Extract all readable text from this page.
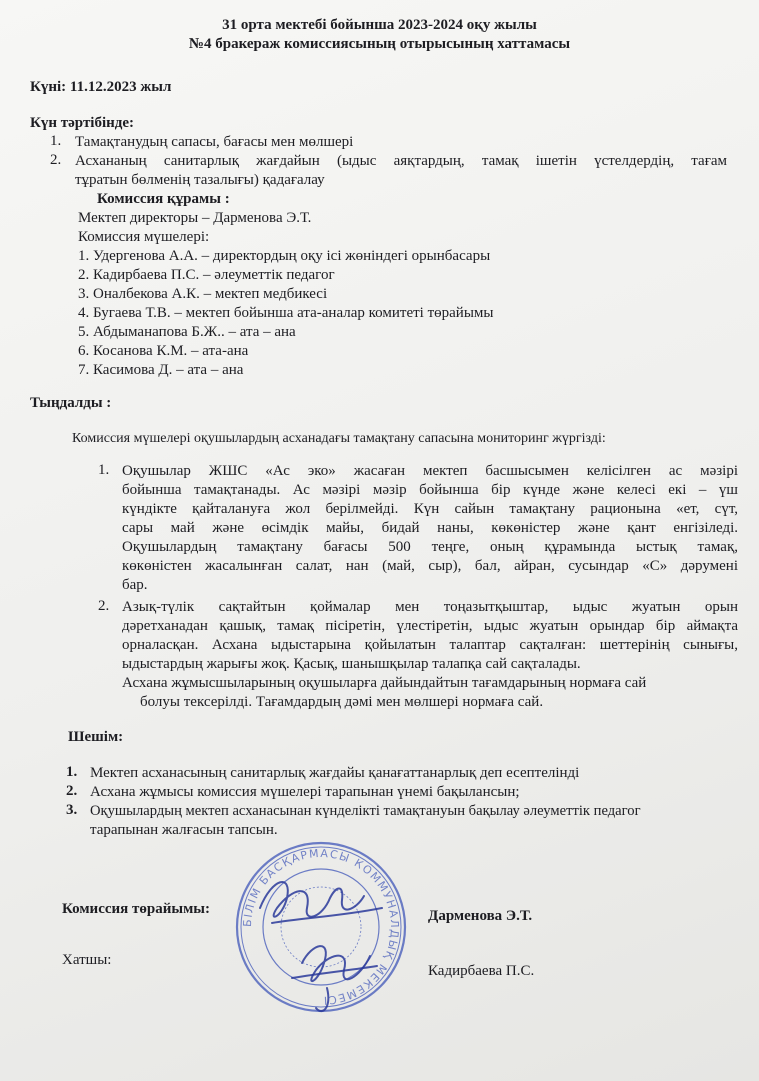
31 орта мектебі бойынша 2023-2024 оқу жылы
№4 бракераж комиссиясының отырысының хаттамасы
Күні: 11.12.2023 жыл
Күн тәртібінде:
1. Тамақтанудың сапасы, бағасы мен мөлшері
2. Асхананың санитарлық жағдайын (ыдыс аяқтардың, тамақ ішетін үстелдердің, тағам
тұратын бөлменің тазалығы) қадағалау
Комиссия құрамы :
Мектеп директоры – Дарменова Э.Т.
Комиссия мүшелері:
1. Удергенова А.А. – директордың оқу ісі жөніндегі орынбасары
2. Кадирбаева П.С. – әлеуметтік педагог
3. Оналбекова А.К. – мектеп медбикесі
4. Бугаева Т.В. – мектеп бойынша ата-аналар комитеті төрайымы
5. Абдыманапова Б.Ж.. – ата – ана
6. Косанова К.М. – ата-ана
7. Касимова Д. – ата – ана
Тыңдалды :
Комиссия мүшелері оқушылардың асханадағы тамақтану сапасына мониторинг жүргізді:
1. Оқушылар ЖШС «Ас эко» жасаған мектеп басшысымен келісілген ас мәзірі
бойынша тамақтанады. Ас мәзірі мәзір бойынша бір күнде және келесі екі – үш
күндікте қайталануға жол берілмейді. Күн сайын тамақтану рационына «ет, сүт,
сары май және өсімдік майы, бидай наны, көкөністер және қант енгізіледі.
Оқушылардың тамақтану бағасы 500 теңге, оның құрамында ыстық тамақ,
көкөністен жасалынған салат, нан (май, сыр), бал, айран, сусындар «С» дәрумені
бар.
2. Азық-түлік сақтайтын қоймалар мен тоңазытқыштар, ыдыс жуатын орын
дәретханадан қашық, тамақ пісіретін, үлестіретін, ыдыс жуатын орындар бір аймақта
орналасқан. Асхана ыдыстарына қойылатын талаптар сақталған: шеттерінің сынығы,
ыдыстардың жарығы жоқ. Қасық, шанышқылар талапқа сай сақталады.
Асхана жұмысшыларының оқушыларға дайындайтын тағамдарының нормаға сай
болуы тексерілді. Тағамдардың дәмі мен мөлшері нормаға сай.
Шешім:
1. Мектеп асханасының санитарлық жағдайы қанағаттанарлық деп есептелінді
2. Асхана жұмысы комиссия мүшелері тарапынан үнемі бақылансын;
3. Оқушылардың мектеп асханасынан күнделікті тамақтануын бақылау әлеуметтік педагог
тарапынан жалғасын тапсын.
БІЛІМ БАСҚАРМАСЫ КОММУНАЛДЫҚ МЕКЕМЕСІ
Комиссия төрайымы:	Дарменова Э.Т.
Хатшы:
Кадирбаева П.С.
